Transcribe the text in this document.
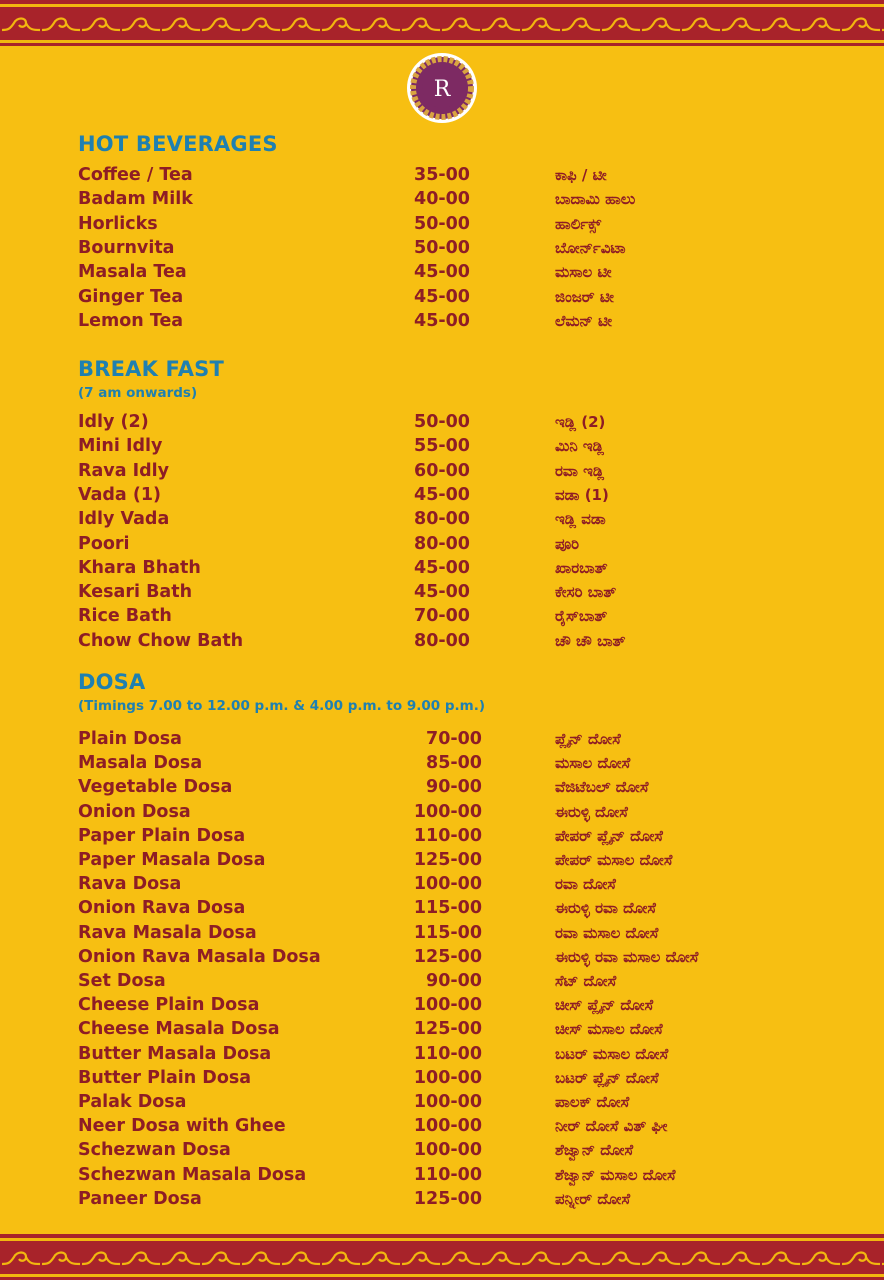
R
HOT BEVERAGES
Coffee / Tea	35-00	ಕಾಫಿ / ಟೀ
Badam Milk	40-00	ಬಾದಾಮಿ ಹಾಲು
Horlicks	50-00	ಹಾರ್ಲಿಕ್ಸ್
Bournvita	50-00	ಬೋರ್ನ್‌ವಿಟಾ
Masala Tea	45-00	ಮಸಾಲ ಟೀ
Ginger Tea	45-00	ಜಿಂಜರ್ ಟೀ
Lemon Tea	45-00	ಲೆಮನ್ ಟೀ
BREAK FAST
(7 am onwards)
Idly (2)	50-00	ಇಡ್ಲಿ (2)
Mini Idly	55-00	ಮಿನಿ ಇಡ್ಲಿ
Rava Idly	60-00	ರವಾ ಇಡ್ಲಿ
Vada (1)	45-00	ವಡಾ (1)
Idly Vada	80-00	ಇಡ್ಲಿ ವಡಾ
Poori	80-00	ಪೂರಿ
Khara Bhath	45-00	ಖಾರಬಾತ್
Kesari Bath	45-00	ಕೇಸರಿ ಬಾತ್
Rice Bath	70-00	ರೈಸ್‌ಬಾತ್
Chow Chow Bath	80-00	ಚೌ ಚೌ ಬಾತ್
DOSA
(Timings 7.00 to 12.00 p.m. & 4.00 p.m. to 9.00 p.m.)
Plain Dosa	70-00	ಪ್ಲೈನ್ ದೋಸೆ
Masala Dosa	85-00	ಮಸಾಲ ದೋಸೆ
Vegetable Dosa	90-00	ವೆಜಿಟೆಬಲ್ ದೋಸೆ
Onion Dosa	100-00	ಈರುಳ್ಳಿ ದೋಸೆ
Paper Plain Dosa	110-00	ಪೇಪರ್ ಪ್ಲೈನ್ ದೋಸೆ
Paper Masala Dosa	125-00	ಪೇಪರ್ ಮಸಾಲ ದೋಸೆ
Rava Dosa	100-00	ರವಾ ದೋಸೆ
Onion Rava Dosa	115-00	ಈರುಳ್ಳಿ ರವಾ ದೋಸೆ
Rava Masala Dosa	115-00	ರವಾ ಮಸಾಲ ದೋಸೆ
Onion Rava Masala Dosa	125-00	ಈರುಳ್ಳಿ ರವಾ ಮಸಾಲ ದೋಸೆ
Set Dosa	90-00	ಸೆಟ್ ದೋಸೆ
Cheese Plain Dosa	100-00	ಚೀಸ್ ಪ್ಲೈನ್ ದೋಸೆ
Cheese Masala Dosa	125-00	ಚೀಸ್ ಮಸಾಲ ದೋಸೆ
Butter Masala Dosa	110-00	ಬಟರ್ ಮಸಾಲ ದೋಸೆ
Butter Plain Dosa	100-00	ಬಟರ್ ಪ್ಲೈನ್ ದೋಸೆ
Palak Dosa	100-00	ಪಾಲಕ್ ದೋಸೆ
Neer Dosa with Ghee	100-00	ನೀರ್ ದೋಸೆ ವಿತ್ ಘೀ
Schezwan Dosa	100-00	ಶೆಜ್ವಾನ್ ದೋಸೆ
Schezwan Masala Dosa	110-00	ಶೆಜ್ವಾನ್ ಮಸಾಲ ದೋಸೆ
Paneer Dosa	125-00	ಪನ್ನೀರ್ ದೋಸೆ
